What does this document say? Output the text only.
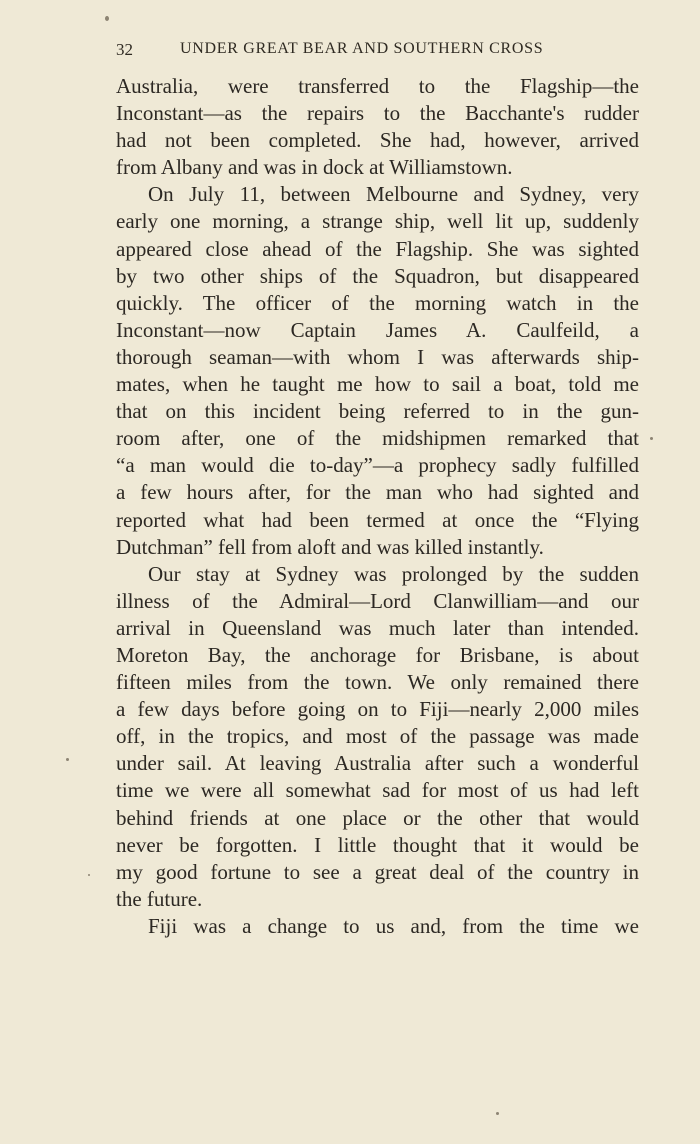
32	UNDER GREAT BEAR AND SOUTHERN CROSS
Australia, were transferred to the Flagship—the
Inconstant—as the repairs to the Bacchante's rudder
had not been completed. She had, however, arrived
from Albany and was in dock at Williamstown.
On July 11, between Melbourne and Sydney, very
early one morning, a strange ship, well lit up, suddenly
appeared close ahead of the Flagship. She was sighted
by two other ships of the Squadron, but disappeared
quickly. The officer of the morning watch in the
Inconstant—now Captain James A. Caulfeild, a
thorough seaman—with whom I was afterwards ship-
mates, when he taught me how to sail a boat, told me
that on this incident being referred to in the gun-
room after, one of the midshipmen remarked that
“a man would die to-day”—a prophecy sadly fulfilled
a few hours after, for the man who had sighted and
reported what had been termed at once the “Flying
Dutchman” fell from aloft and was killed instantly.
Our stay at Sydney was prolonged by the sudden
illness of the Admiral—Lord Clanwilliam—and our
arrival in Queensland was much later than intended.
Moreton Bay, the anchorage for Brisbane, is about
fifteen miles from the town. We only remained there
a few days before going on to Fiji—nearly 2,000 miles
off, in the tropics, and most of the passage was made
under sail. At leaving Australia after such a wonderful
time we were all somewhat sad for most of us had left
behind friends at one place or the other that would
never be forgotten. I little thought that it would be
my good fortune to see a great deal of the country in
the future.
Fiji was a change to us and, from the time we
